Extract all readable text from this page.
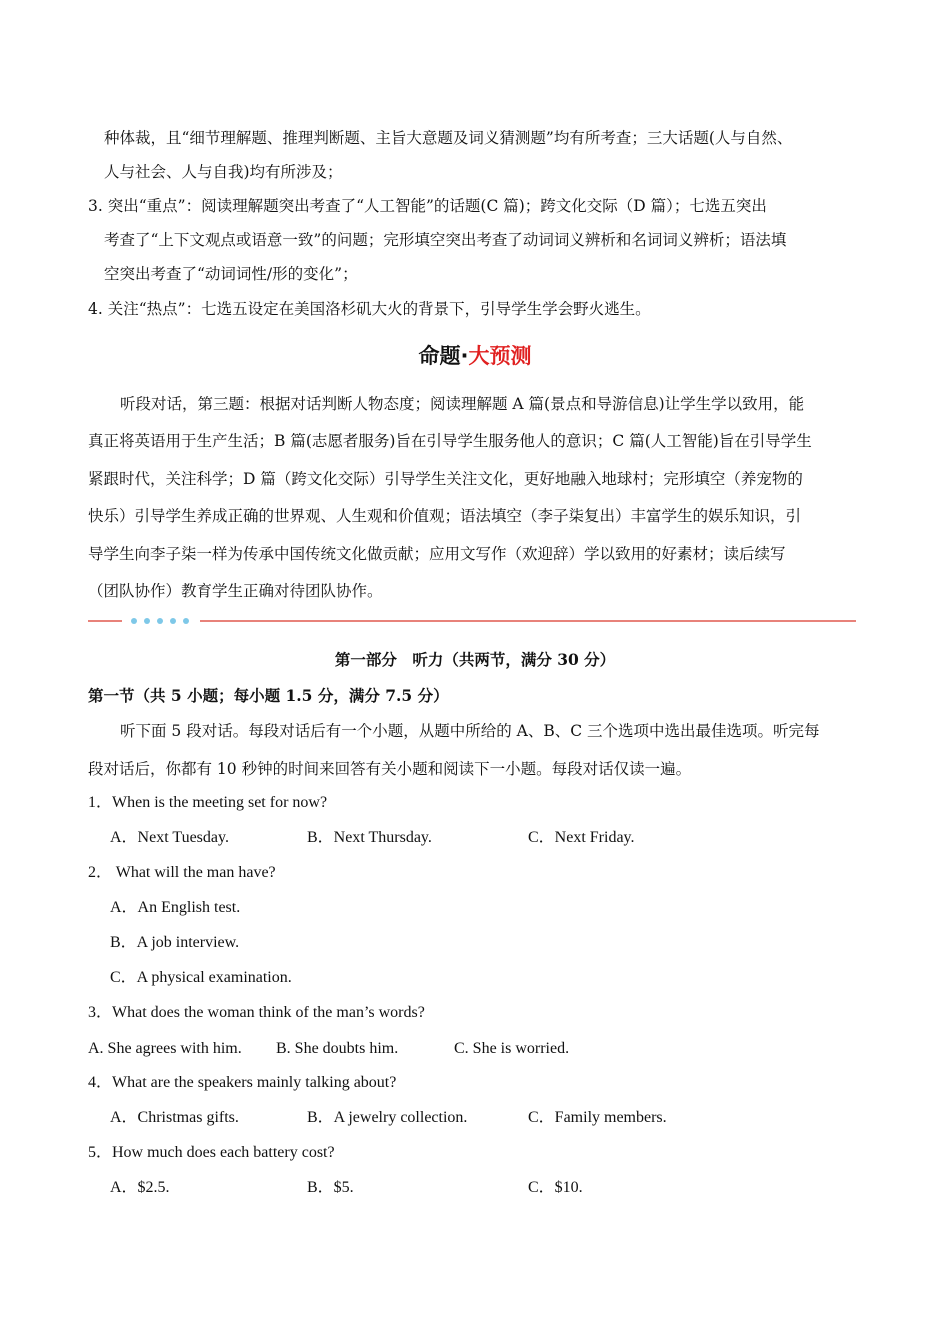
种体裁，且“细节理解题、推理判断题、主旨大意题及词义猜测题”均有所考查；三大话题(人与自然、
人与社会、人与自我)均有所涉及；
3. 突出“重点”：阅读理解题突出考查了“人工智能”的话题(C 篇)；跨文化交际（D 篇）；七选五突出
考查了“上下文观点或语意一致”的问题；完形填空突出考查了动词词义辨析和名词词义辨析；语法填
空突出考查了“动词词性/形的变化”；
4. 关注“热点”：七选五设定在美国洛杉矶大火的背景下，引导学生学会野火逃生。
命题·大预测
听段对话，第三题：根据对话判断人物态度；阅读理解题 A 篇(景点和导游信息)让学生学以致用，能
真正将英语用于生产生活；B 篇(志愿者服务)旨在引导学生服务他人的意识；C 篇(人工智能)旨在引导学生
紧跟时代，关注科学；D 篇（跨文化交际）引导学生关注文化，更好地融入地球村；完形填空（养宠物的
快乐）引导学生养成正确的世界观、人生观和价值观；语法填空（李子柒复出）丰富学生的娱乐知识，引
导学生向李子柒一样为传承中国传统文化做贡献；应用文写作（欢迎辞）学以致用的好素材；读后续写
（团队协作）教育学生正确对待团队协作。
第一部分　听力（共两节，满分 30 分）
第一节（共 5 小题；每小题 1.5 分，满分 7.5 分）
听下面 5 段对话。每段对话后有一个小题，从题中所给的 A、B、C 三个选项中选出最佳选项。听完每
段对话后，你都有 10 秒钟的时间来回答有关小题和阅读下一小题。每段对话仅读一遍。
1．When is the meeting set for now?
A．Next Tuesday.	B．Next Thursday.	C．Next Friday.
2． What will the man have?
A．An English test.
B．A job interview.
C．A physical examination.
3．What does the woman think of the man’s words?
A. She agrees with him. B. She doubts him.	C. She is worried.
4．What are the speakers mainly talking about?
A．Christmas gifts.	B．A jewelry collection.	C．Family members.
5．How much does each battery cost?
A．$2.5.	B．$5.	C．$10.
